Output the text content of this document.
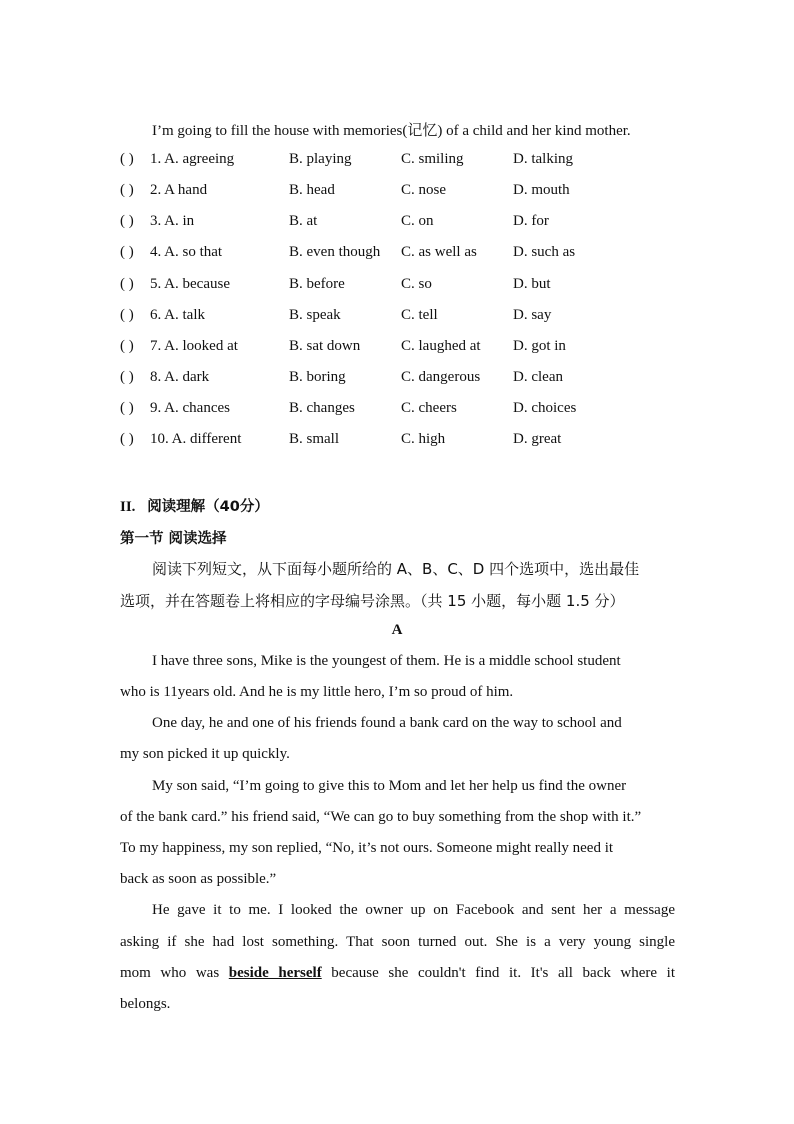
I’m going to fill the house with memories(记忆) of a child and her kind mother.
( ) 1. A. agreeing	B. playing	C. smiling	D. talking
( ) 2. A hand	B. head	C. nose	D. mouth
( ) 3. A. in	B. at	C. on	D. for
( ) 4. A. so that	B. even though C. as well as D. such as
( ) 5. A. because	B. before	C. so	D. but
( ) 6. A. talk	B. speak	C. tell	D. say
( ) 7. A. looked at	B. sat down	C. laughed at D. got in
( ) 8. A. dark	B. boring	C. dangerous D. clean
( ) 9. A. chances	B. changes	C. cheers	D. choices
( ) 10. A. different	B. small	C. high	D. great
II. 阅读理解（40分）
第一节 阅读选择
阅读下列短文，从下面每小题所给的 A、B、C、D 四个选项中，选出最佳
选项，并在答题卷上将相应的字母编号涂黑。（共 15 小题，每小题 1.5 分）
A
I have three sons, Mike is the youngest of them. He is a middle school student
who is 11years old. And he is my little hero, I’m so proud of him.
One day, he and one of his friends found a bank card on the way to school and
my son picked it up quickly.
My son said, “I’m going to give this to Mom and let her help us find the owner
of the bank card.” his friend said, “We can go to buy something from the shop with it.”
To my happiness, my son replied, “No, it’s not ours. Someone might really need it
back as soon as possible.”
He gave it to me. I looked the owner up on Facebook and sent her a message
asking if she had lost something. That soon turned out. She is a very young single
mom who was beside herself because she couldn't find it. It's all back where it
belongs.
